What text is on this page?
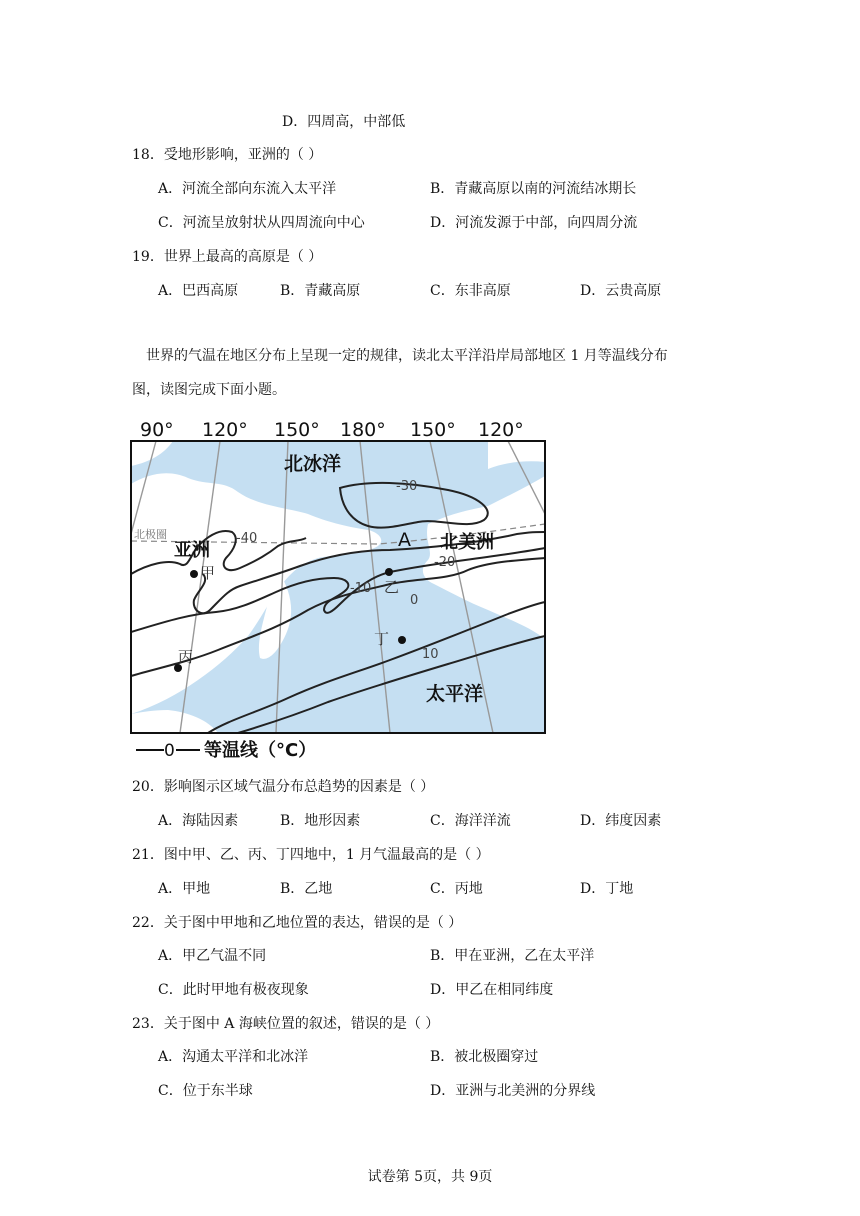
D．四周高，中部低
18．受地形影响，亚洲的（ ）
A．河流全部向东流入太平洋	B．青藏高原以南的河流结冰期长
C．河流呈放射状从四周流向中心	D．河流发源于中部，向四周分流
19．世界上最高的高原是（ ）
A．巴西高原	B．青藏高原	C．东非高原	D．云贵高原
世界的气温在地区分布上呈现一定的规律，读北太平洋沿岸局部地区 1 月等温线分布
图，读图完成下面小题。
90° 120° 150° 180° 150° 120°
北极圈
-30
-40
-20
-10
0
10
北冰洋
太平洋
亚洲	北美洲
A
甲
乙
丙
丁
0 等温线（°C）
20．影响图示区域气温分布总趋势的因素是（ ）
A．海陆因素	B．地形因素	C．海洋洋流	D．纬度因素
21．图中甲、乙、丙、丁四地中，1 月气温最高的是（ ）
A．甲地	B．乙地	C．丙地	D．丁地
22．关于图中甲地和乙地位置的表达，错误的是（ ）
A．甲乙气温不同	B．甲在亚洲，乙在太平洋
C．此时甲地有极夜现象	D．甲乙在相同纬度
23．关于图中 A 海峡位置的叙述，错误的是（ ）
A．沟通太平洋和北冰洋	B．被北极圈穿过
C．位于东半球	D．亚洲与北美洲的分界线
试卷第 5页，共 9页
